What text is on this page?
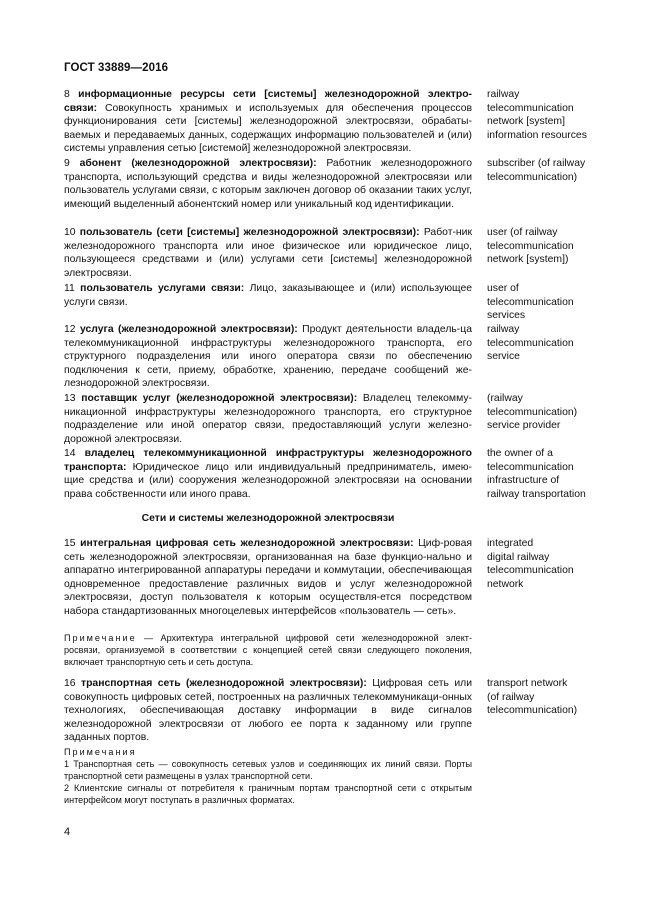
ГОСТ 33889—2016
8 информационные ресурсы сети [системы] железнодорожной электро-связи: Совокупность хранимых и используемых для обеспечения процессов функционирования сети [системы] железнодорожной электросвязи, обрабаты-ваемых и передаваемых данных, содержащих информацию пользователей и (или) системы управления сетью [системой] железнодорожной электросвязи.
railway
telecommunication
network [system]
information resources
9 абонент (железнодорожной электросвязи): Работник железнодорожного транспорта, использующий средства и виды железнодорожной электросвязи или пользователь услугами связи, с которым заключен договор об оказании таких услуг, имеющий выделенный абонентский номер или уникальный код идентификации.
subscriber (of railway
telecommunication)
10 пользователь (сети [системы] железнодорожной электросвязи): Работ-ник железнодорожного транспорта или иное физическое или юридическое лицо, пользующееся средствами и (или) услугами сети [системы] железнодорожной электросвязи.
user (of railway
telecommunication
network [system])
11 пользователь услугами связи: Лицо, заказывающее и (или) использующее услуги связи.
user of
telecommunication
services
12 услуга (железнодорожной электросвязи): Продукт деятельности владель-ца телекоммуникационной инфраструктуры железнодорожного транспорта, его структурного подразделения или иного оператора связи по обеспечению подключения к сети, приему, обработке, хранению, передаче сообщений же-лезнодорожной электросвязи.
railway
telecommunication
service
13 поставщик услуг (железнодорожной электросвязи): Владелец телекомму-никационной инфраструктуры железнодорожного транспорта, его структурное подразделение или иной оператор связи, предоставляющий услуги железно-дорожной электросвязи.
(railway
telecommunication)
service provider
14 владелец телекоммуникационной инфраструктуры железнодорожного транспорта: Юридическое лицо или индивидуальный предприниматель, имею-щие средства и (или) сооружения железнодорожной электросвязи на основании права собственности или иного права.
the owner of a
telecommunication
infrastructure of
railway transportation
Сети и системы железнодорожной электросвязи
15 интегральная цифровая сеть железнодорожной электросвязи: Циф-ровая сеть железнодорожной электросвязи, организованная на базе функцио-нально и аппаратно интегрированной аппаратуры передачи и коммутации, обеспечивающая одновременное предоставление различных видов и услуг железнодорожной электросвязи, доступ пользователя к которым осуществля-ется посредством набора стандартизованных многоцелевых интерфейсов «пользователь — сеть».
integrated
digital railway
telecommunication
network
Примечание — Архитектура интегральной цифровой сети железнодорожной элект-росвязи, организуемой в соответствии с концепцией сетей связи следующего поколения, включает транспортную сеть и сеть доступа.
16 транспортная сеть (железнодорожной электросвязи): Цифровая сеть или совокупность цифровых сетей, построенных на различных телекоммуникаци-онных технологиях, обеспечивающая доставку информации в виде сигналов железнодорожной электросвязи от любого ее порта к заданному или группе заданных портов.
transport network
(of railway
telecommunication)
Примечания
1 Транспортная сеть — совокупность сетевых узлов и соединяющих их линий связи. Порты транспортной сети размещены в узлах транспортной сети.
2 Клиентские сигналы от потребителя к граничным портам транспортной сети с открытым интерфейсом могут поступать в различных форматах.
4
